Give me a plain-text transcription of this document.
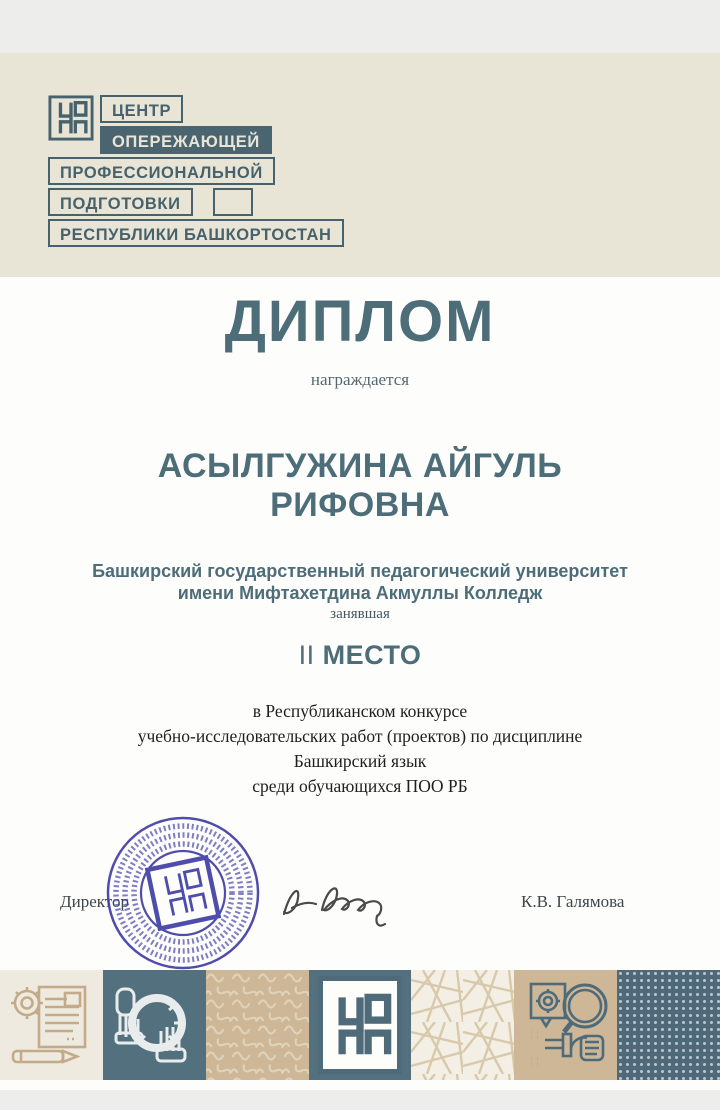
ЦЕНТР
ОПЕРЕЖАЮЩЕЙ
ПРОФЕССИОНАЛЬНОЙ
ПОДГОТОВКИ
РЕСПУБЛИКИ БАШКОРТОСТАН
ДИПЛОМ
награждается
АСЫЛГУЖИНА АЙГУЛЬ РИФОВНА
Башкирский государственный педагогический университет
имени Мифтахетдина Акмуллы Колледж
занявшая
II МЕСТО
в Республиканском конкурсе
учебно-исследовательских работ (проектов) по дисциплине
Башкирский язык
среди обучающихся ПОО РБ
Директор	К.В. Галямова
